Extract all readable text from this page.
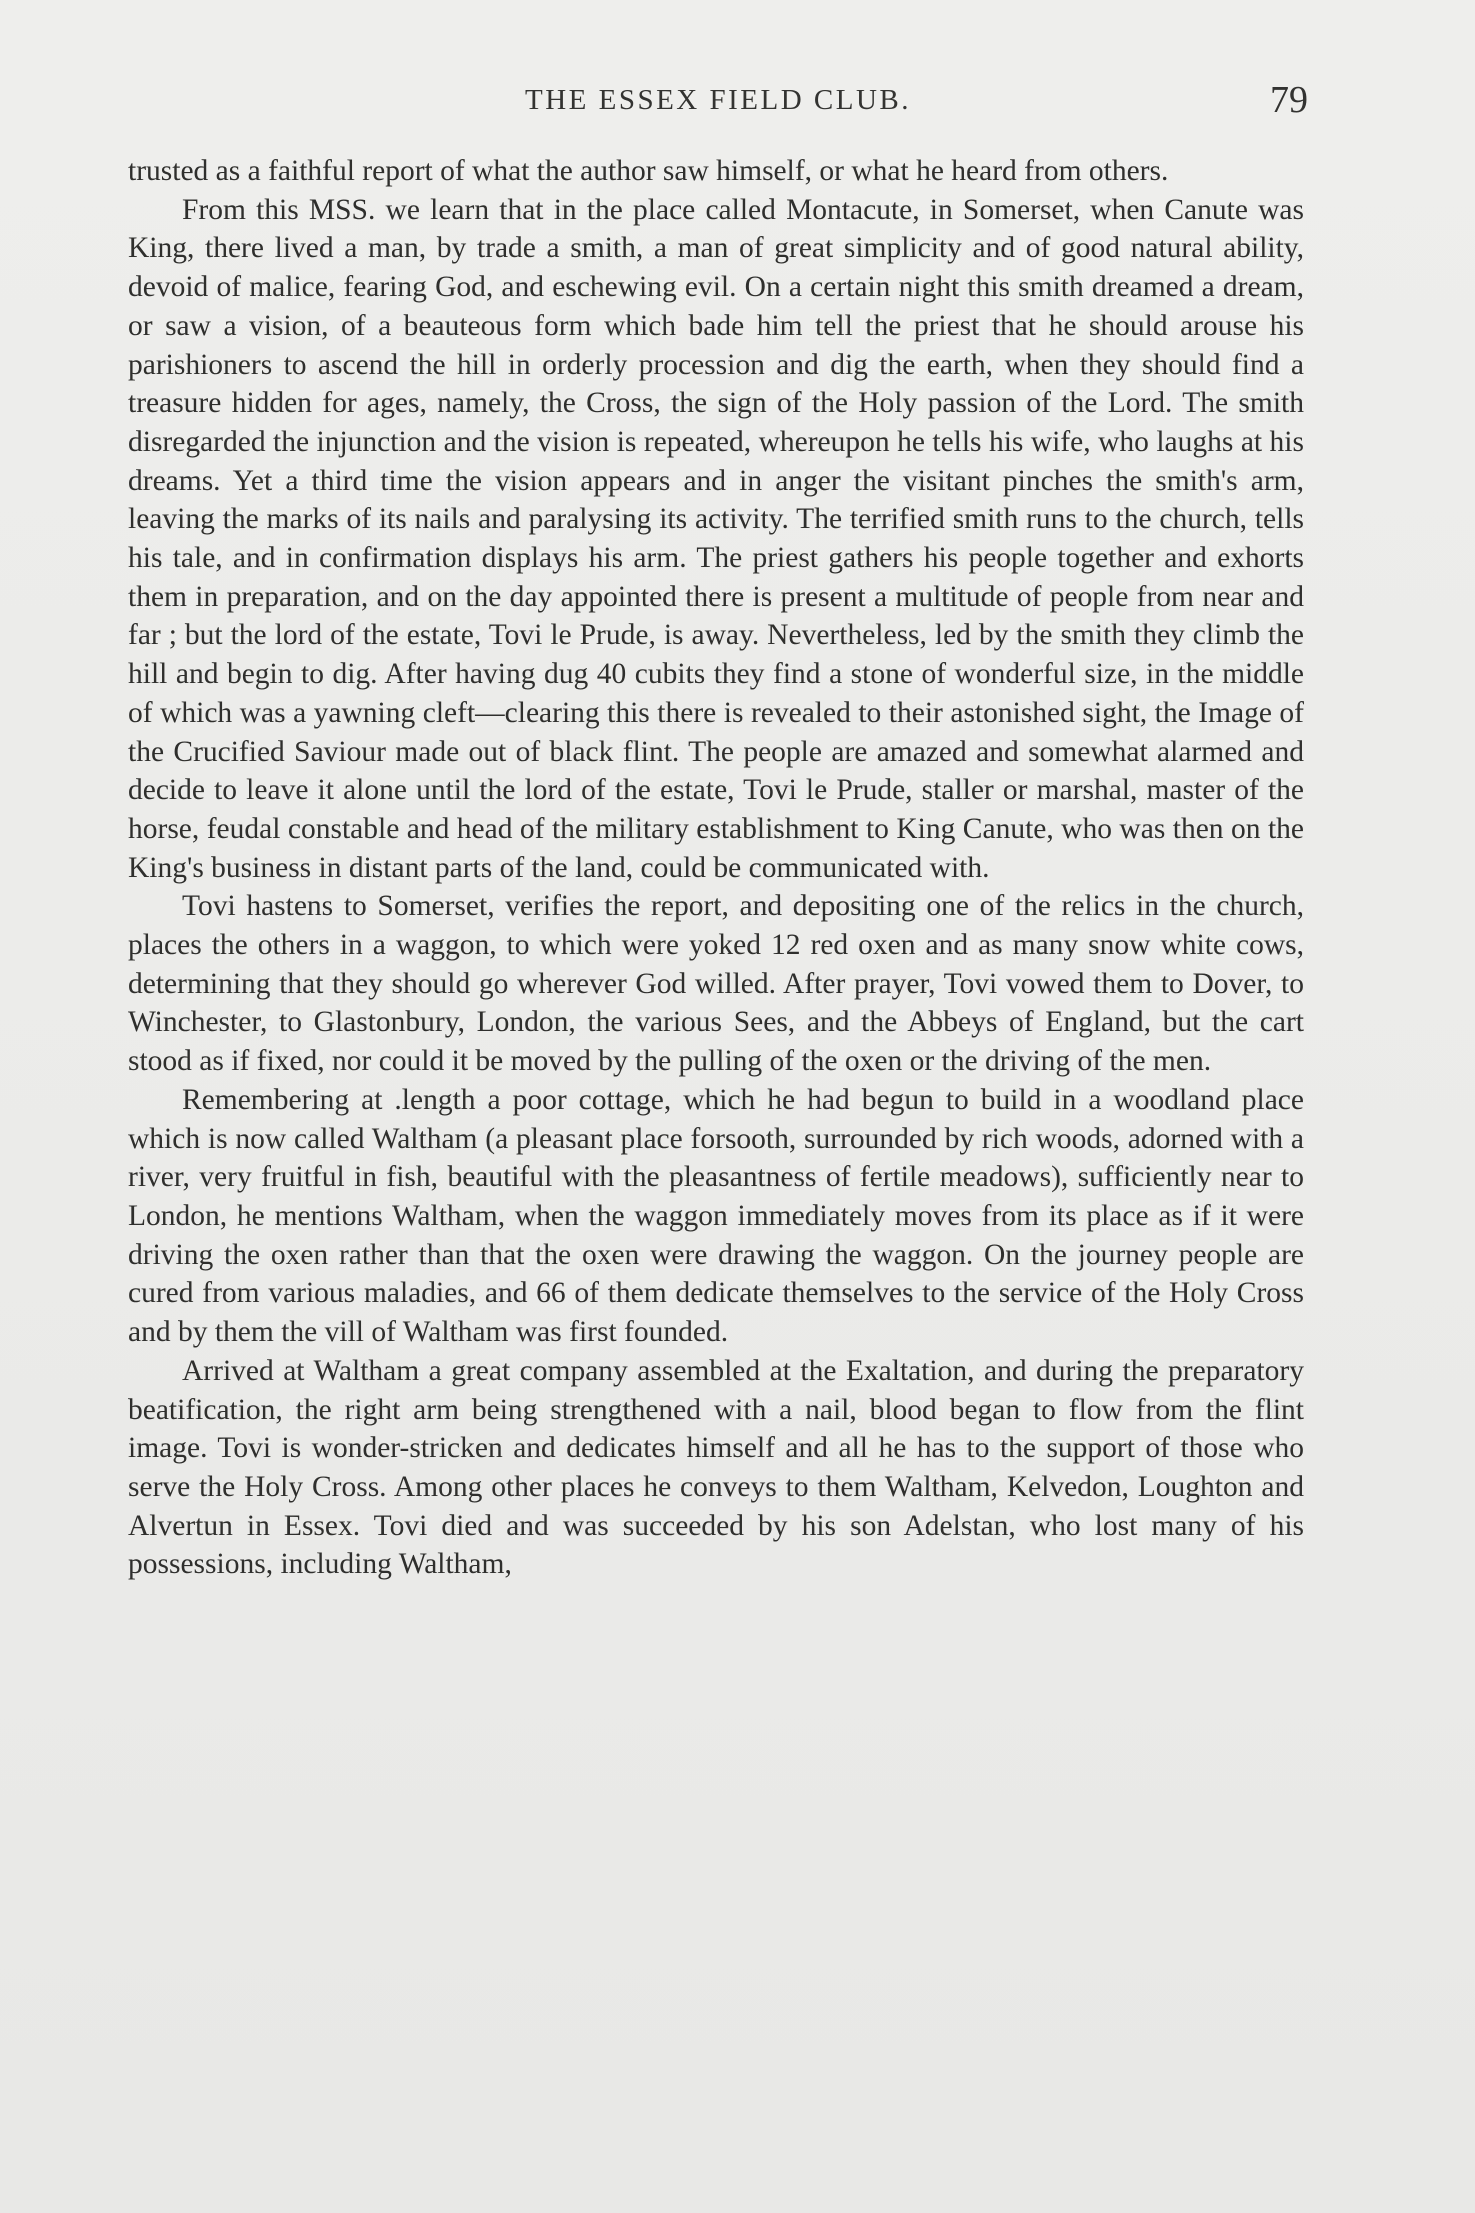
THE ESSEX FIELD CLUB.	79

trusted as a faithful report of what the author saw himself, or what he heard from others.

From this MSS. we learn that in the place called Montacute, in Somerset, when Canute was King, there lived a man, by trade a smith, a man of great simplicity and of good natural ability, devoid of malice, fearing God, and eschewing evil. On a certain night this smith dreamed a dream, or saw a vision, of a beauteous form which bade him tell the priest that he should arouse his parishioners to ascend the hill in orderly procession and dig the earth, when they should find a treasure hidden for ages, namely, the Cross, the sign of the Holy passion of the Lord. The smith disregarded the injunction and the vision is repeated, whereupon he tells his wife, who laughs at his dreams. Yet a third time the vision appears and in anger the visitant pinches the smith's arm, leaving the marks of its nails and paralysing its activity. The terrified smith runs to the church, tells his tale, and in confirmation displays his arm. The priest gathers his people together and exhorts them in preparation, and on the day appointed there is present a multitude of people from near and far ; but the lord of the estate, Tovi le Prude, is away. Nevertheless, led by the smith they climb the hill and begin to dig. After having dug 40 cubits they find a stone of wonderful size, in the middle of which was a yawning cleft—clearing this there is revealed to their astonished sight, the Image of the Crucified Saviour made out of black flint. The people are amazed and somewhat alarmed and decide to leave it alone until the lord of the estate, Tovi le Prude, staller or marshal, master of the horse, feudal constable and head of the military establishment to King Canute, who was then on the King's business in distant parts of the land, could be communicated with.

Tovi hastens to Somerset, verifies the report, and depositing one of the relics in the church, places the others in a waggon, to which were yoked 12 red oxen and as many snow white cows, determining that they should go wherever God willed. After prayer, Tovi vowed them to Dover, to Winchester, to Glastonbury, London, the various Sees, and the Abbeys of England, but the cart stood as if fixed, nor could it be moved by the pulling of the oxen or the driving of the men.

Remembering at .length a poor cottage, which he had begun to build in a woodland place which is now called Waltham (a pleasant place forsooth, surrounded by rich woods, adorned with a river, very fruitful in fish, beautiful with the pleasantness of fertile meadows), sufficiently near to London, he mentions Waltham, when the waggon immediately moves from its place as if it were driving the oxen rather than that the oxen were drawing the waggon. On the journey people are cured from various maladies, and 66 of them dedicate themselves to the service of the Holy Cross and by them the vill of Waltham was first founded.

Arrived at Waltham a great company assembled at the Exaltation, and during the preparatory beatification, the right arm being strengthened with a nail, blood began to flow from the flint image. Tovi is wonder-stricken and dedicates himself and all he has to the support of those who serve the Holy Cross. Among other places he conveys to them Waltham, Kelvedon, Loughton and Alvertun in Essex. Tovi died and was succeeded by his son Adelstan, who lost many of his possessions, including Waltham,
